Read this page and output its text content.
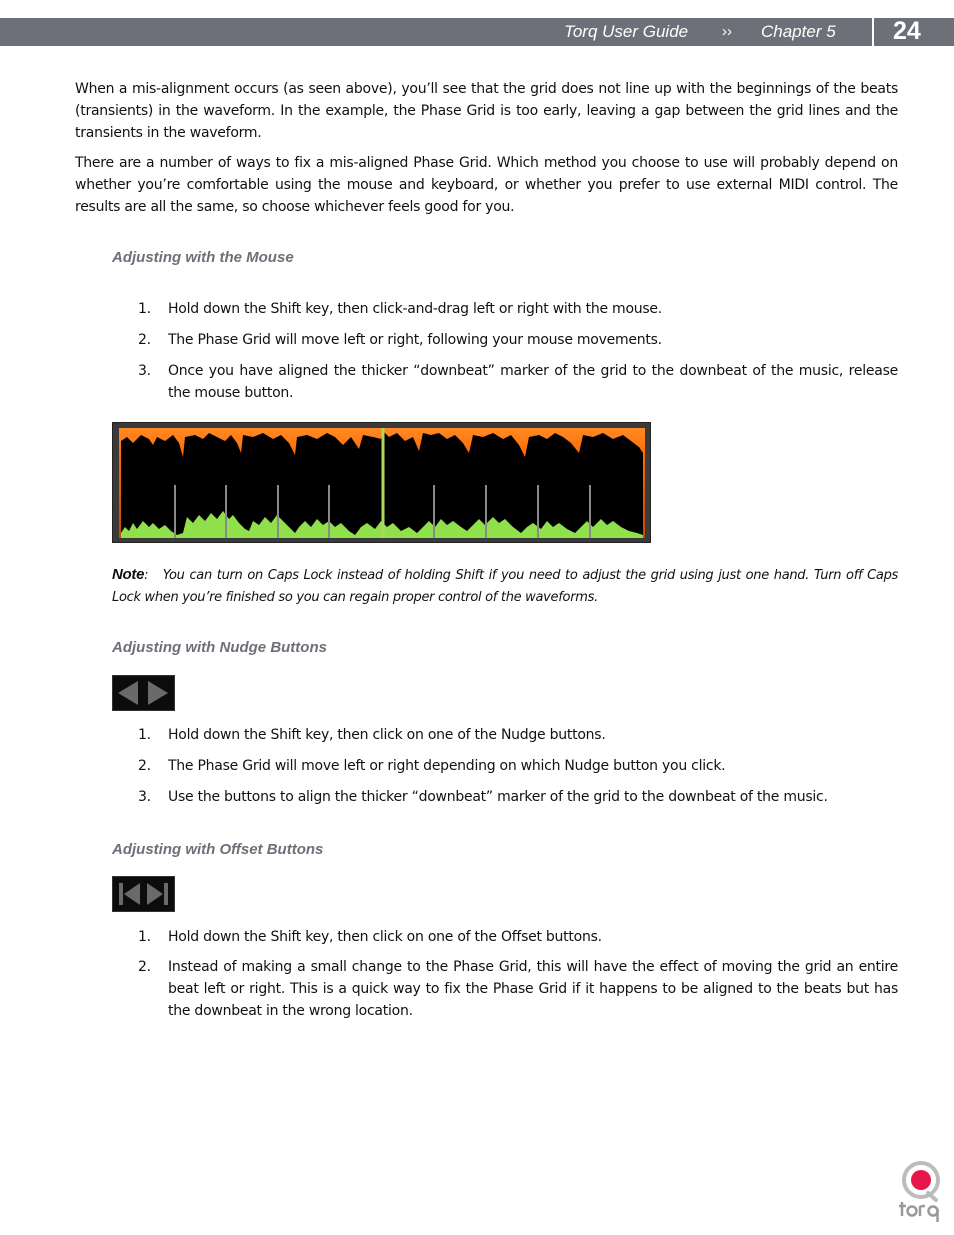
Torq User Guide ›› Chapter 5 24

When a mis-alignment occurs (as seen above), you’ll see that the grid does not line up with the beginnings of the beats (transients) in the waveform. In the example, the Phase Grid is too early, leaving a gap between the grid lines and the transients in the waveform.

There are a number of ways to fix a mis-aligned Phase Grid. Which method you choose to use will probably depend on whether you’re comfortable using the mouse and keyboard, or whether you prefer to use external MIDI control. The results are all the same, so choose whichever feels good for you.

Adjusting with the Mouse
1. Hold down the Shift key, then click-and-drag left or right with the mouse.
2. The Phase Grid will move left or right, following your mouse movements.
3. Once you have aligned the thicker “downbeat” marker of the grid to the downbeat of the music, release the mouse button.

Note:   You can turn on Caps Lock instead of holding Shift if you need to adjust the grid using just one hand. Turn off Caps Lock when you’re finished so you can regain proper control of the waveforms.

Adjusting with Nudge Buttons
1. Hold down the Shift key, then click on one of the Nudge buttons.
2. The Phase Grid will move left or right depending on which Nudge button you click.
3. Use the buttons to align the thicker “downbeat” marker of the grid to the downbeat of the music.
Adjusting with Offset Buttons
1. Hold down the Shift key, then click on one of the Offset buttons.
2. Instead of making a small change to the Phase Grid, this will have the effect of moving the grid an entire beat left or right. This is a quick way to fix the Phase Grid if it happens to be aligned to the beats but has the downbeat in the wrong location.
